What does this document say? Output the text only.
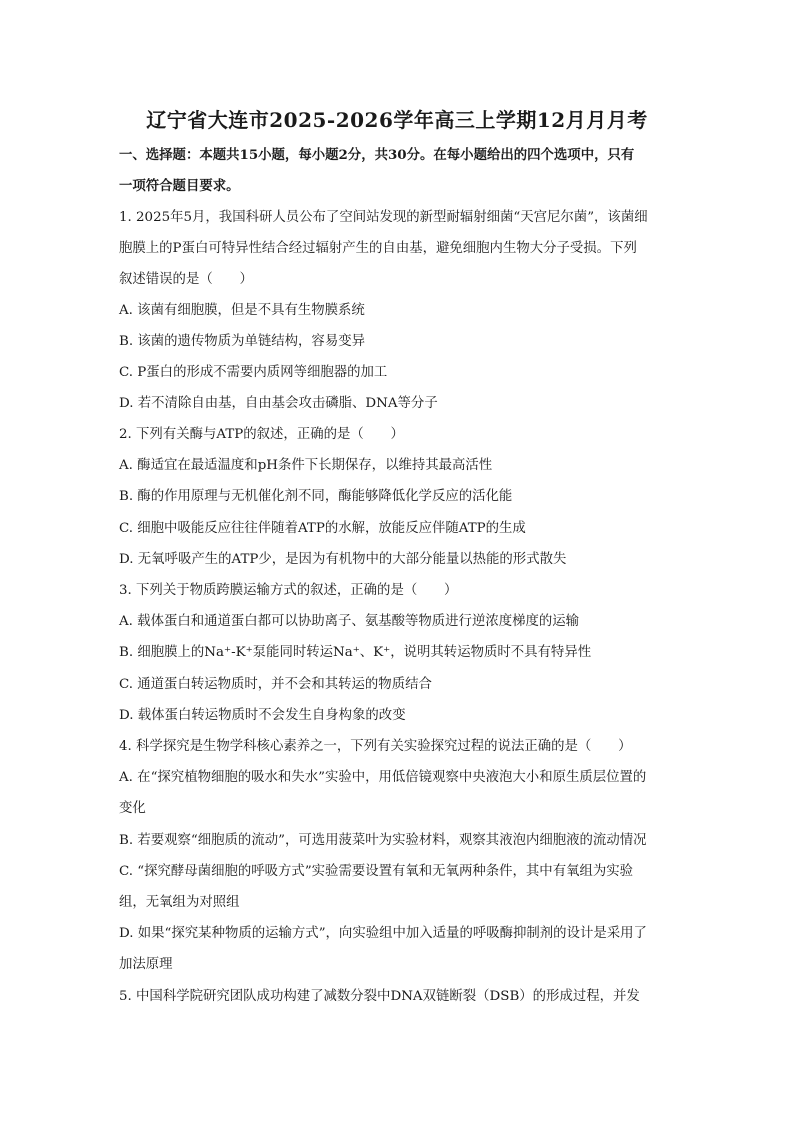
辽宁省大连市2025-2026学年高三上学期12月月月考
一、选择题：本题共15小题，每小题2分，共30分。在每小题给出的四个选项中，只有
一项符合题目要求。
1. 2025年5月，我国科研人员公布了空间站发现的新型耐辐射细菌“天宫尼尔菌”，该菌细
胞膜上的P蛋白可特异性结合经过辐射产生的自由基，避免细胞内生物大分子受损。下列
叙述错误的是（　　）
A. 该菌有细胞膜，但是不具有生物膜系统
B. 该菌的遗传物质为单链结构，容易变异
C. P蛋白的形成不需要内质网等细胞器的加工
D. 若不清除自由基，自由基会攻击磷脂、DNA等分子
2. 下列有关酶与ATP的叙述，正确的是（　　）
A. 酶适宜在最适温度和pH条件下长期保存，以维持其最高活性
B. 酶的作用原理与无机催化剂不同，酶能够降低化学反应的活化能
C. 细胞中吸能反应往往伴随着ATP的水解，放能反应伴随ATP的生成
D. 无氧呼吸产生的ATP少，是因为有机物中的大部分能量以热能的形式散失
3. 下列关于物质跨膜运输方式的叙述，正确的是（　　）
A. 载体蛋白和通道蛋白都可以协助离子、氨基酸等物质进行逆浓度梯度的运输
B. 细胞膜上的Na⁺-K⁺泵能同时转运Na⁺、K⁺，说明其转运物质时不具有特异性
C. 通道蛋白转运物质时，并不会和其转运的物质结合
D. 载体蛋白转运物质时不会发生自身构象的改变
4. 科学探究是生物学科核心素养之一，下列有关实验探究过程的说法正确的是（　　）
A. 在“探究植物细胞的吸水和失水”实验中，用低倍镜观察中央液泡大小和原生质层位置的
变化
B. 若要观察“细胞质的流动”，可选用菠菜叶为实验材料，观察其液泡内细胞液的流动情况
C. “探究酵母菌细胞的呼吸方式”实验需要设置有氧和无氧两种条件，其中有氧组为实验
组，无氧组为对照组
D. 如果“探究某种物质的运输方式”，向实验组中加入适量的呼吸酶抑制剂的设计是采用了
加法原理
5. 中国科学院研究团队成功构建了减数分裂中DNA双链断裂（DSB）的形成过程，并发
